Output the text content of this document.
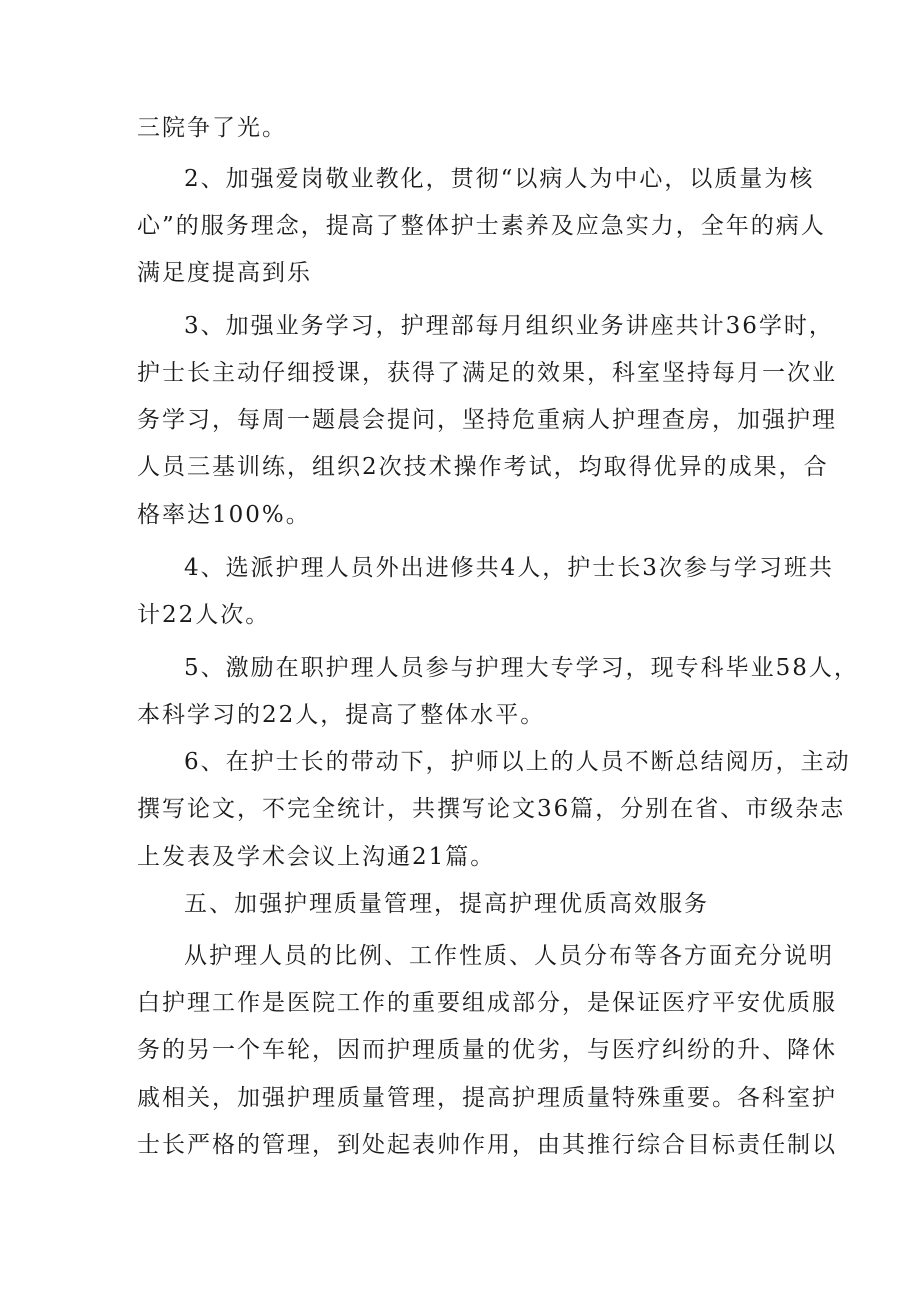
三院争了光。
2、加强爱岗敬业教化，贯彻“以病人为中心，以质量为核
心”的服务理念，提高了整体护士素养及应急实力，全年的病人
满足度提高到乐
3、加强业务学习，护理部每月组织业务讲座共计36学时，
护士长主动仔细授课，获得了满足的效果，科室坚持每月一次业
务学习，每周一题晨会提问，坚持危重病人护理查房，加强护理
人员三基训练，组织2次技术操作考试，均取得优异的成果，合
格率达100%。
4、选派护理人员外出进修共4人，护士长3次参与学习班共
计22人次。
5、激励在职护理人员参与护理大专学习，现专科毕业58人，
本科学习的22人，提高了整体水平。
6、在护士长的带动下，护师以上的人员不断总结阅历，主动
撰写论文，不完全统计，共撰写论文36篇，分别在省、市级杂志
上发表及学术会议上沟通21篇。
五、加强护理质量管理，提高护理优质高效服务
从护理人员的比例、工作性质、人员分布等各方面充分说明
白护理工作是医院工作的重要组成部分，是保证医疗平安优质服
务的另一个车轮，因而护理质量的优劣，与医疗纠纷的升、降休
戚相关，加强护理质量管理，提高护理质量特殊重要。各科室护
士长严格的管理，到处起表帅作用，由其推行综合目标责任制以
